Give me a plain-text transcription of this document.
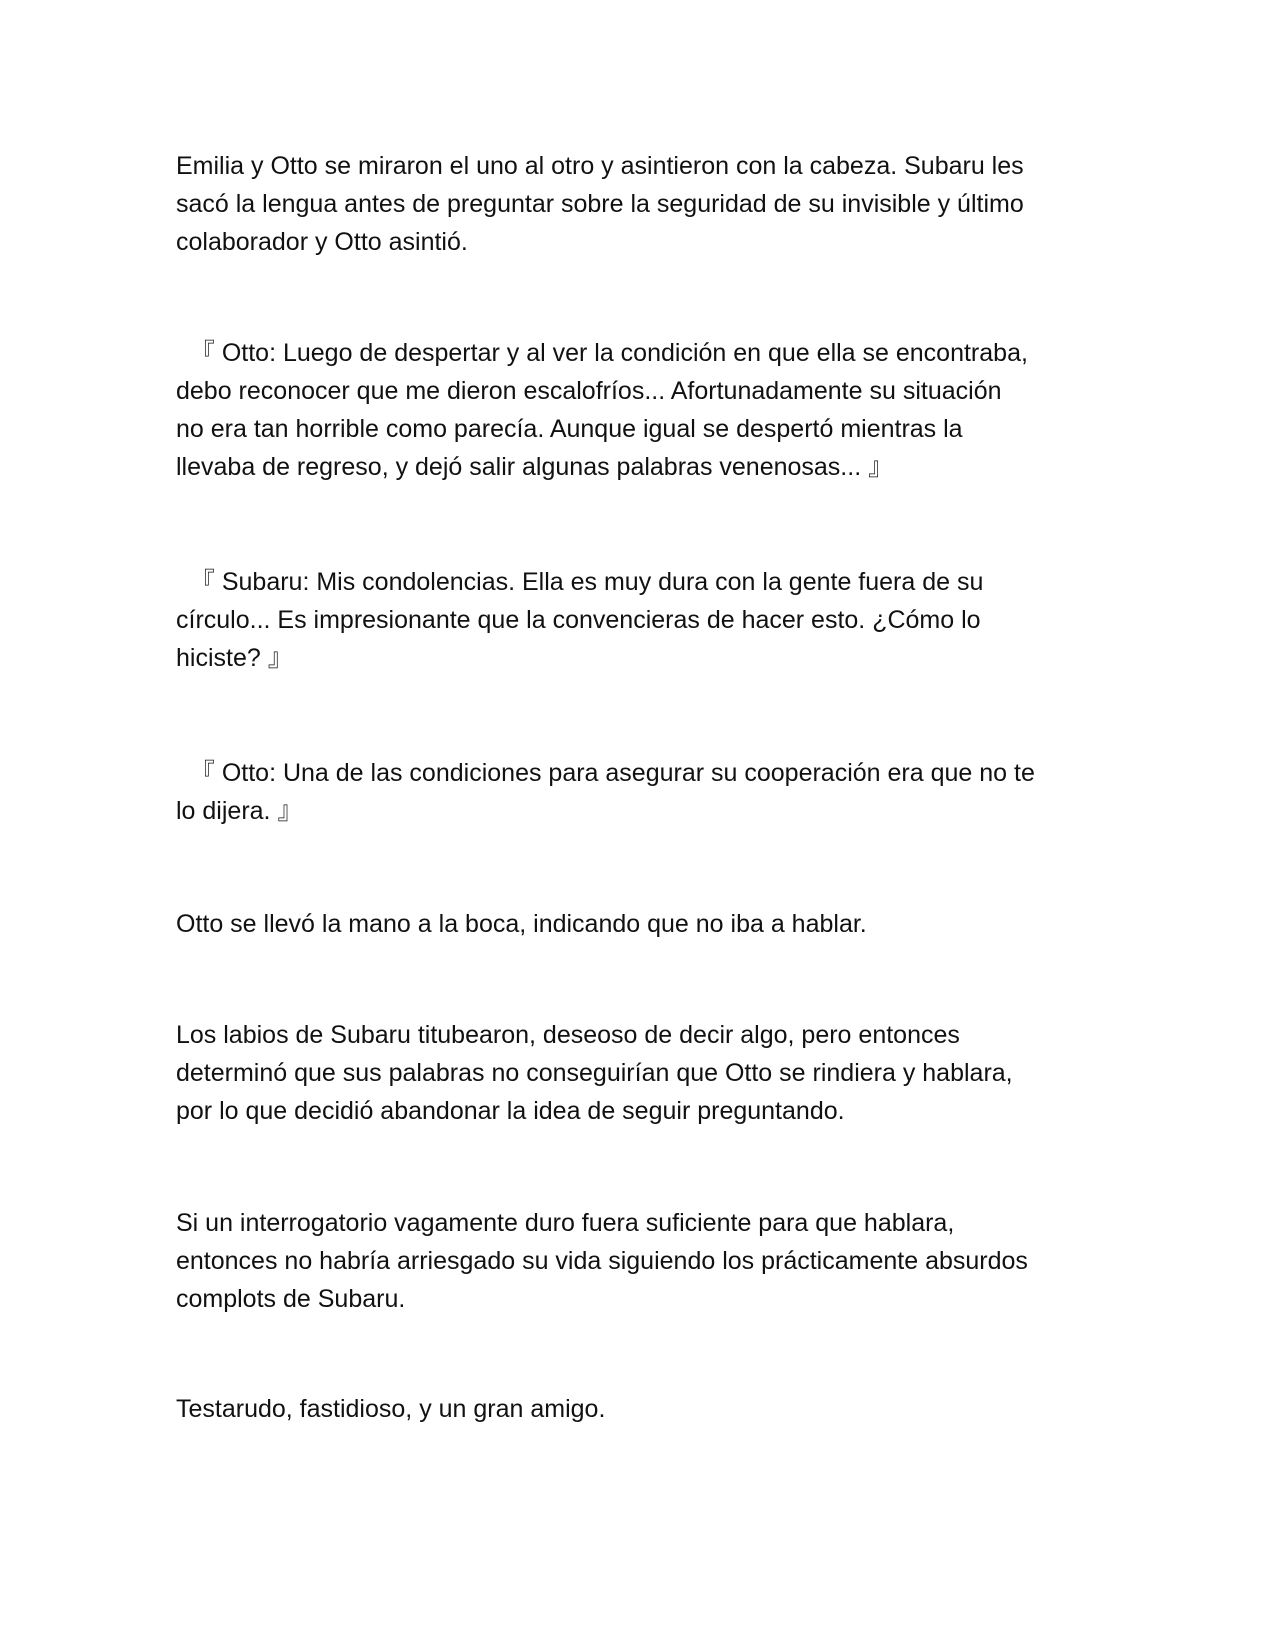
Emilia y Otto se miraron el uno al otro y asintieron con la cabeza. Subaru les
sacó la lengua antes de preguntar sobre la seguridad de su invisible y último
colaborador y Otto asintió.

『 Otto: Luego de despertar y al ver la condición en que ella se encontraba,
debo reconocer que me dieron escalofríos... Afortunadamente su situación
no era tan horrible como parecía. Aunque igual se despertó mientras la
llevaba de regreso, y dejó salir algunas palabras venenosas... 』

『 Subaru: Mis condolencias. Ella es muy dura con la gente fuera de su
círculo... Es impresionante que la convencieras de hacer esto. ¿Cómo lo
hiciste? 』

『 Otto: Una de las condiciones para asegurar su cooperación era que no te
lo dijera. 』

Otto se llevó la mano a la boca, indicando que no iba a hablar.

Los labios de Subaru titubearon, deseoso de decir algo, pero entonces
determinó que sus palabras no conseguirían que Otto se rindiera y hablara,
por lo que decidió abandonar la idea de seguir preguntando.

Si un interrogatorio vagamente duro fuera suficiente para que hablara,
entonces no habría arriesgado su vida siguiendo los prácticamente absurdos
complots de Subaru.

Testarudo, fastidioso, y un gran amigo.
